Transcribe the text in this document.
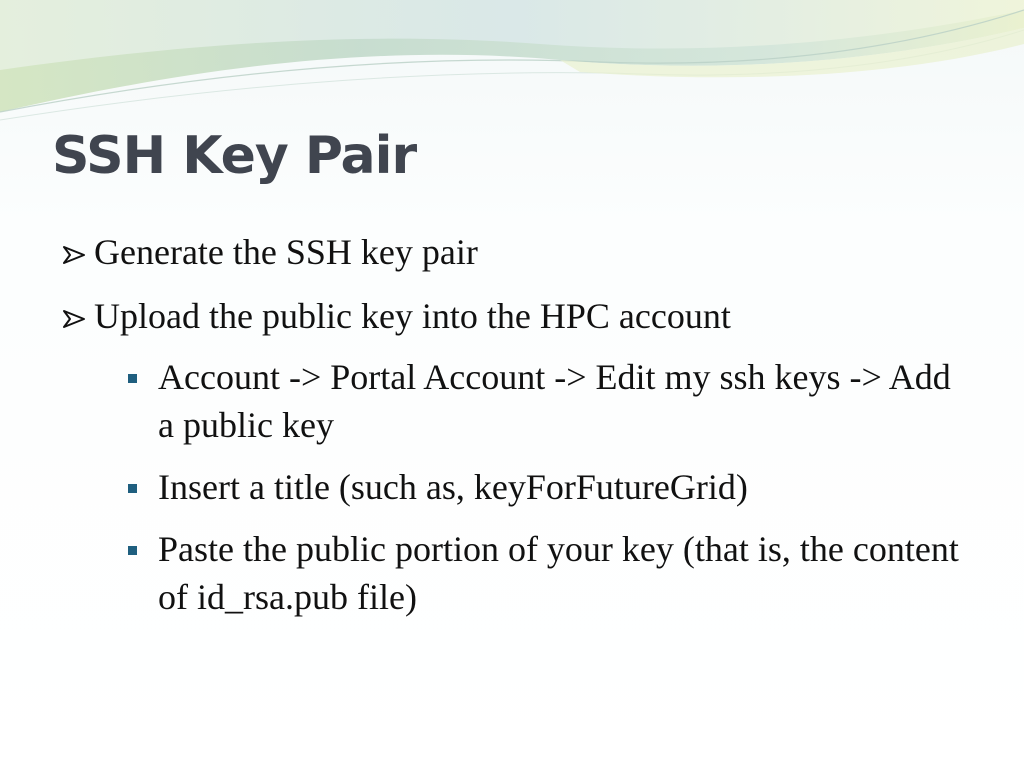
SSH Key Pair
Generate the SSH key pair
Upload the public key into the HPC account
Account -> Portal Account -> Edit my ssh keys -> Add a public key
Insert a title (such as, keyForFutureGrid)
Paste the public portion of your key (that is, the content of id_rsa.pub file)
